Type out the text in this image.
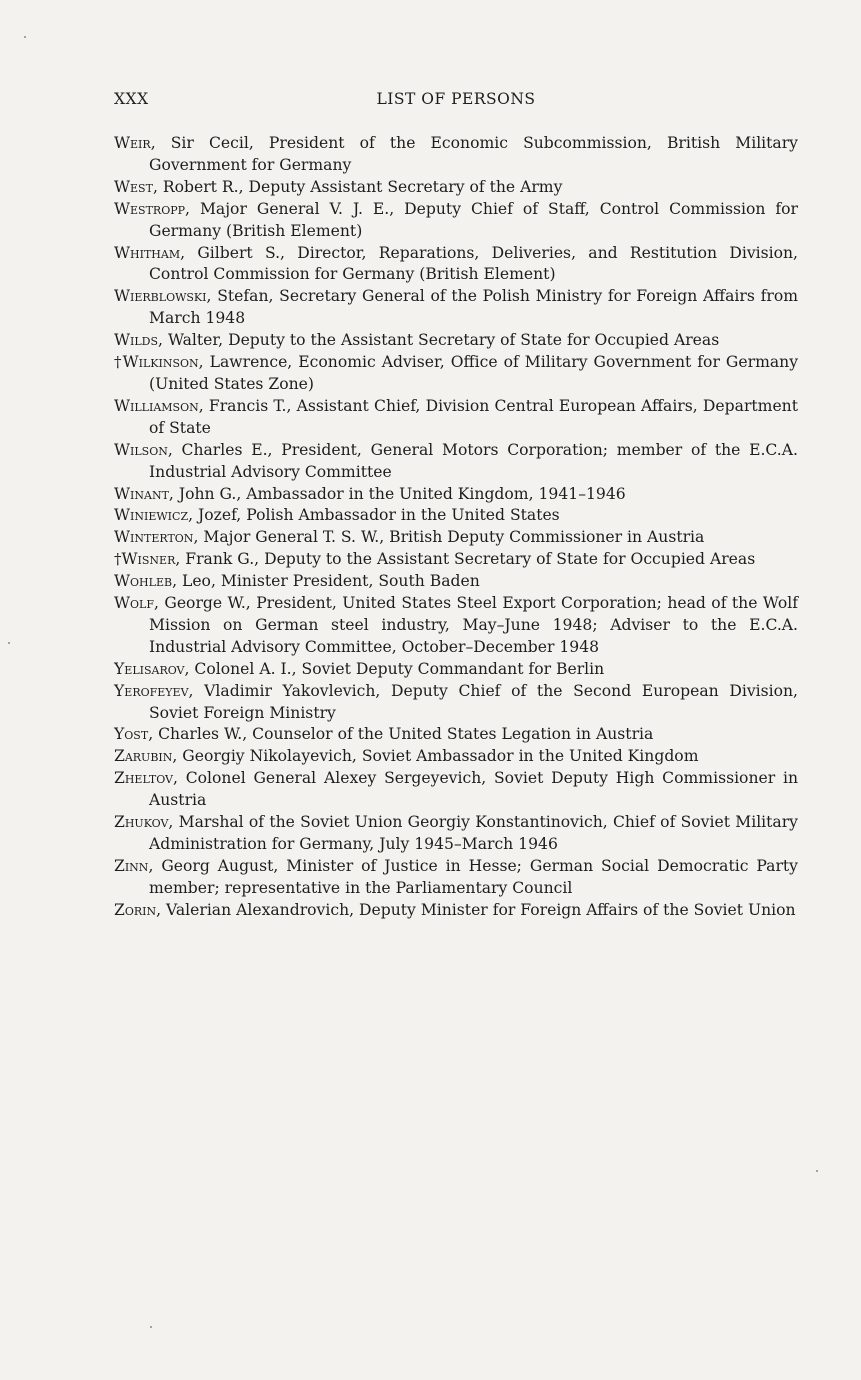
XXX	LIST OF PERSONS
Weir, Sir Cecil, President of the Economic Subcommission, British Military Government for Germany
West, Robert R., Deputy Assistant Secretary of the Army
Westropp, Major General V. J. E., Deputy Chief of Staff, Control Commission for Germany (British Element)
Whitham, Gilbert S., Director, Reparations, Deliveries, and Restitution Division, Control Commission for Germany (British Element)
Wierblowski, Stefan, Secretary General of the Polish Ministry for Foreign Affairs from March 1948
Wilds, Walter, Deputy to the Assistant Secretary of State for Occupied Areas
†Wilkinson, Lawrence, Economic Adviser, Office of Military Government for Germany (United States Zone)
Williamson, Francis T., Assistant Chief, Division Central European Affairs, Department of State
Wilson, Charles E., President, General Motors Corporation; member of the E.C.A. Industrial Advisory Committee
Winant, John G., Ambassador in the United Kingdom, 1941–1946
Winiewicz, Jozef, Polish Ambassador in the United States
Winterton, Major General T. S. W., British Deputy Commissioner in Austria
†Wisner, Frank G., Deputy to the Assistant Secretary of State for Occupied Areas
Wohleb, Leo, Minister President, South Baden
Wolf, George W., President, United States Steel Export Corporation; head of the Wolf Mission on German steel industry, May–June 1948; Adviser to the E.C.A. Industrial Advisory Committee, October–December 1948
Yelisarov, Colonel A. I., Soviet Deputy Commandant for Berlin
Yerofeyev, Vladimir Yakovlevich, Deputy Chief of the Second European Division, Soviet Foreign Ministry
Yost, Charles W., Counselor of the United States Legation in Austria
Zarubin, Georgiy Nikolayevich, Soviet Ambassador in the United Kingdom
Zheltov, Colonel General Alexey Sergeyevich, Soviet Deputy High Commissioner in Austria
Zhukov, Marshal of the Soviet Union Georgiy Konstantinovich, Chief of Soviet Military Administration for Germany, July 1945–March 1946
Zinn, Georg August, Minister of Justice in Hesse; German Social Democratic Party member; representative in the Parliamentary Council
Zorin, Valerian Alexandrovich, Deputy Minister for Foreign Affairs of the Soviet Union
